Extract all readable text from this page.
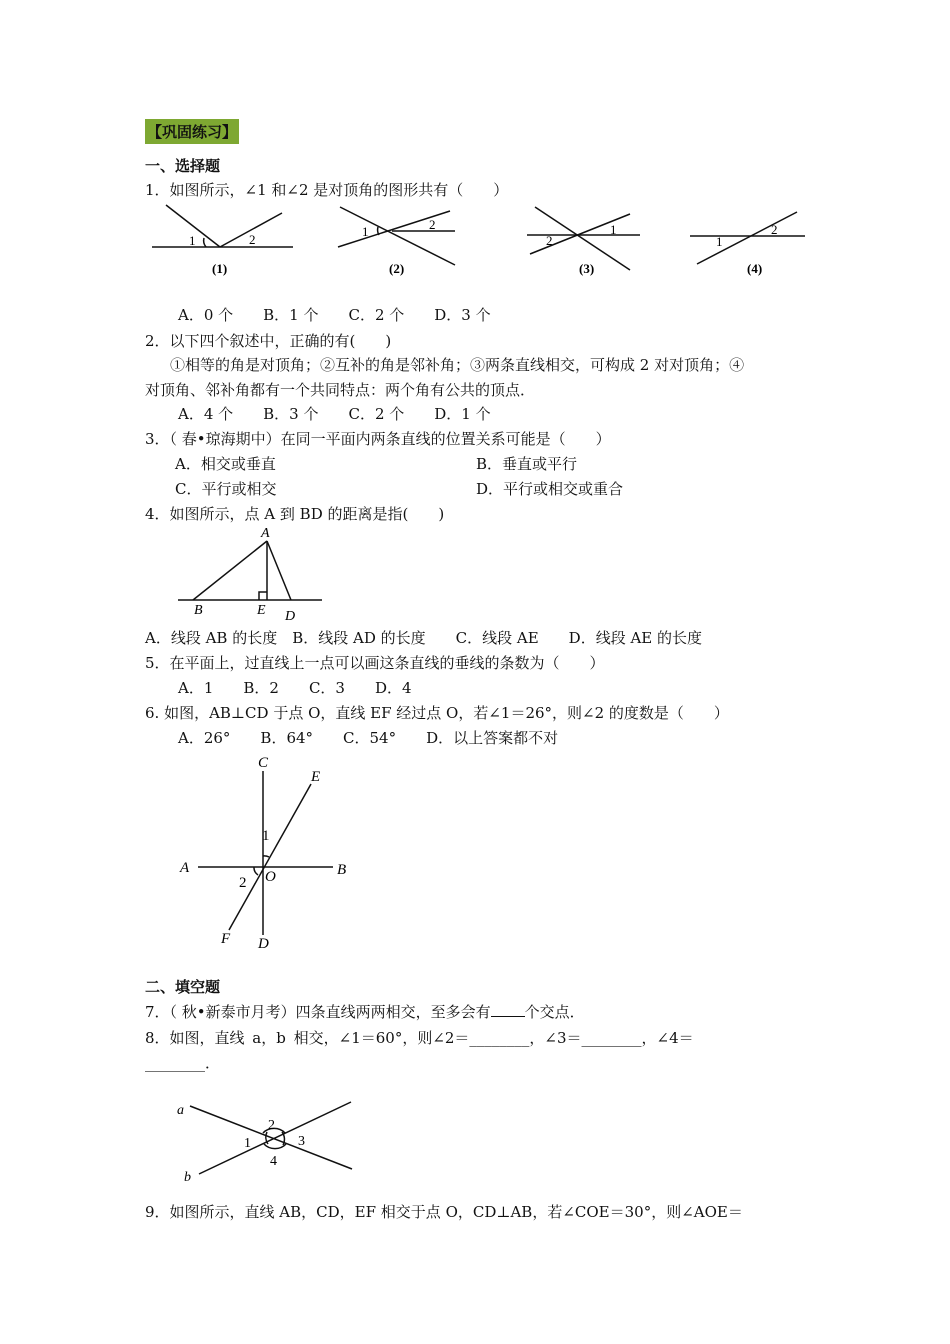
【巩固练习】
一、选择题
1．如图所示，∠1 和∠2 是对顶角的图形共有（　　）
1	2
(1)
1	2
(2)
2
1
(3)
1
2
(4)
A．0 个　　B．1 个　　C．2 个　　D．3 个
2．以下四个叙述中，正确的有(　　)
①相等的角是对顶角；②互补的角是邻补角；③两条直线相交，可构成 2 对对顶角；④
对顶角、邻补角都有一个共同特点：两个角有公共的顶点．
A．4 个　　B．3 个　　C．2 个　　D．1 个
3．（ 春•琼海期中）在同一平面内两条直线的位置关系可能是（　　）
A．相交或垂直	B．垂直或平行
C．平行或相交	D．平行或相交或重合
4．如图所示，点 A 到 BD 的距离是指(　　)
A
B	E D
A．线段 AB 的长度　B．线段 AD 的长度　　C．线段 AE　　D．线段 AE 的长度
5．在平面上，过直线上一点可以画这条直线的垂线的条数为（　　）
A．1　　B．2　　C．3　　D．4
6. 如图，AB⊥CD 于点 O，直线 EF 经过点 O，若∠1＝26°，则∠2 的度数是（　　）
A．26°　　B．64°　　C．54°　　D．以上答案都不对
C
E
1
A	B
2 O
F D
二、填空题
7．（ 秋•新泰市月考）四条直线两两相交，至多会有 个交点．
8．如图，直线 a，b 相交，∠1＝60°，则∠2＝________，∠3＝________，∠4＝
________．
a
b
1
2
3
4
9．如图所示，直线 AB，CD，EF 相交于点 O，CD⊥AB，若∠COE＝30°，则∠AOE＝
